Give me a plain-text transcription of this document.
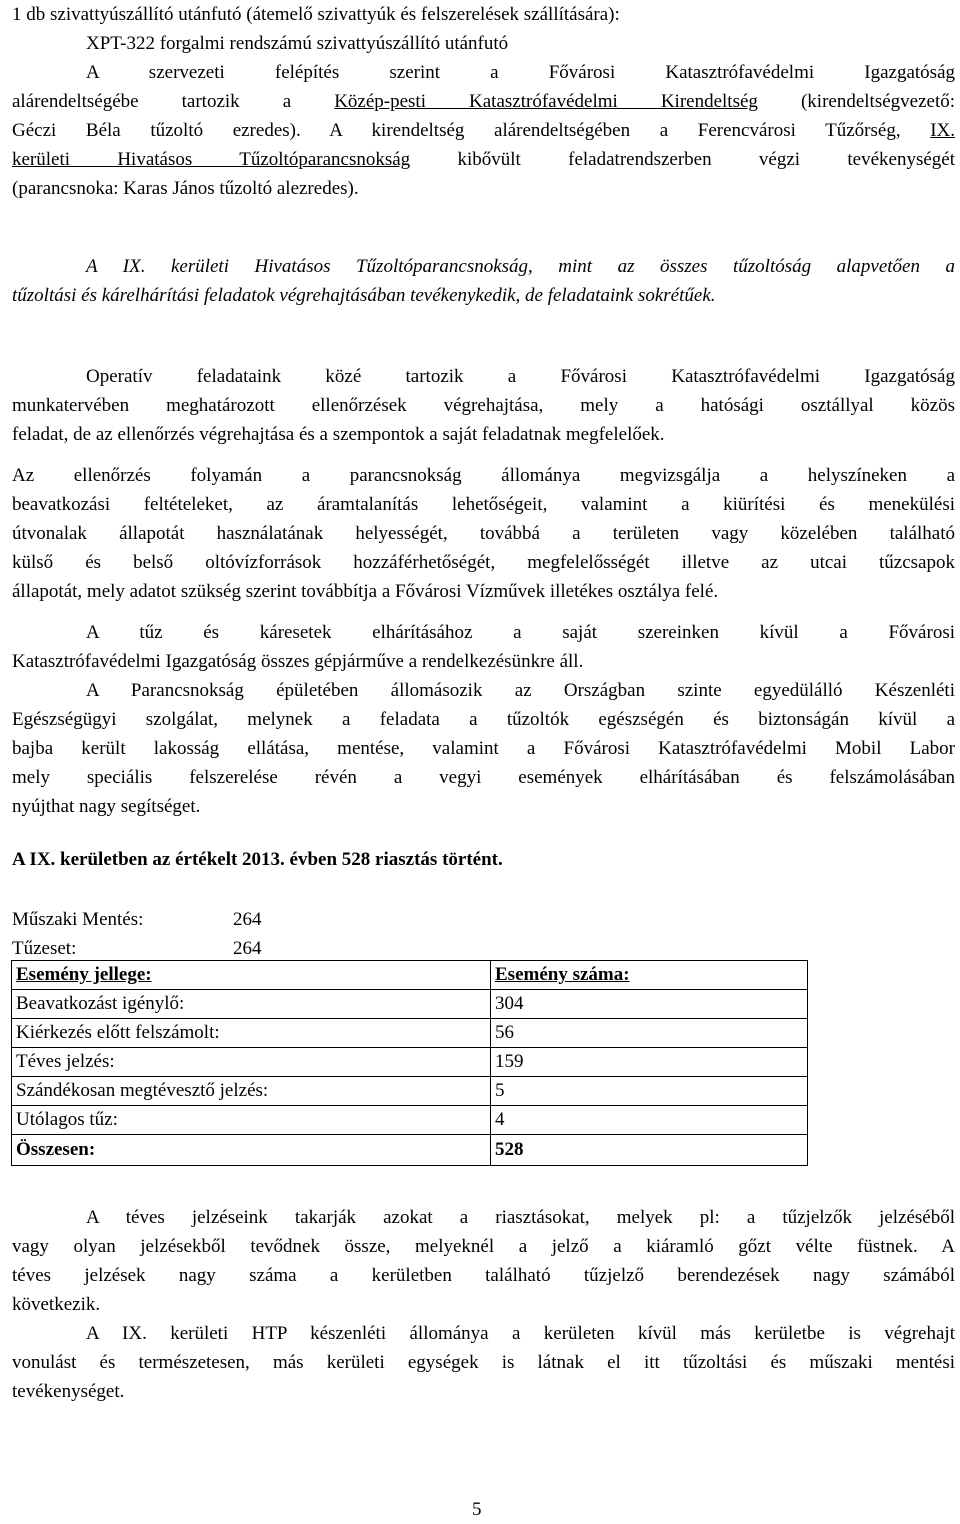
1 db szivattyúszállító utánfutó (átemelő szivattyúk és felszerelések szállítására):
XPT-322 forgalmi rendszámú szivattyúszállító utánfutó
A szervezeti felépítés szerint a Fővárosi Katasztrófavédelmi Igazgatóság
alárendeltségébe tartozik a Közép-pesti Katasztrófavédelmi Kirendeltség (kirendeltségvezető:
Géczi Béla tűzoltó ezredes). A kirendeltség alárendeltségében a Ferencvárosi Tűzőrség, IX.
kerületi Hivatásos Tűzoltóparancsnokság kibővült feladatrendszerben végzi tevékenységét
(parancsnoka: Karas János tűzoltó alezredes).
A IX. kerületi Hivatásos Tűzoltóparancsnokság, mint az összes tűzoltóság alapvetően a
tűzoltási és kárelhárítási feladatok végrehajtásában tevékenykedik, de feladataink sokrétűek.
Operatív feladataink közé tartozik a Fővárosi Katasztrófavédelmi Igazgatóság
munkatervében meghatározott ellenőrzések végrehajtása, mely a hatósági osztállyal közös
feladat, de az ellenőrzés végrehajtása és a szempontok a saját feladatnak megfelelőek.
Az ellenőrzés folyamán a parancsnokság állománya megvizsgálja a helyszíneken a
beavatkozási feltételeket, az áramtalanítás lehetőségeit, valamint a kiürítési és menekülési
útvonalak állapotát használatának helyességét, továbbá a területen vagy közelében található
külső és belső oltóvízforrások hozzáférhetőségét, megfelelősségét illetve az utcai tűzcsapok
állapotát, mely adatot szükség szerint továbbítja a Fővárosi Vízművek illetékes osztálya felé.
A tűz és káresetek elhárításához a saját szereinken kívül a Fővárosi
Katasztrófavédelmi Igazgatóság összes gépjárműve a rendelkezésünkre áll.
A Parancsnokság épületében állomásozik az Országban szinte egyedülálló Készenléti
Egészségügyi szolgálat, melynek a feladata a tűzoltók egészségén és biztonságán kívül a
bajba került lakosság ellátása, mentése, valamint a Fővárosi Katasztrófavédelmi Mobil Labor
mely speciális felszerelése révén a vegyi események elhárításában és felszámolásában
nyújthat nagy segítséget.
A IX. kerületben az értékelt 2013. évben 528 riasztás történt.
Műszaki Mentés:	264
Tűzeset:	264
Esemény jellege:	Esemény száma:
Beavatkozást igénylő:	304
Kiérkezés előtt felszámolt:	56
Téves jelzés:	159
Szándékosan megtévesztő jelzés:	5
Utólagos tűz:	4
Összesen:	528
A téves jelzéseink takarják azokat a riasztásokat, melyek pl: a tűzjelzők jelzéséből
vagy olyan jelzésekből tevődnek össze, melyeknél a jelző a kiáramló gőzt vélte füstnek. A
téves jelzések nagy száma a kerületben található tűzjelző berendezések nagy számából
következik.
A IX. kerületi HTP készenléti állománya a kerületen kívül más kerületbe is végrehajt
vonulást és természetesen, más kerületi egységek is látnak el itt tűzoltási és műszaki mentési
tevékenységet.
5
